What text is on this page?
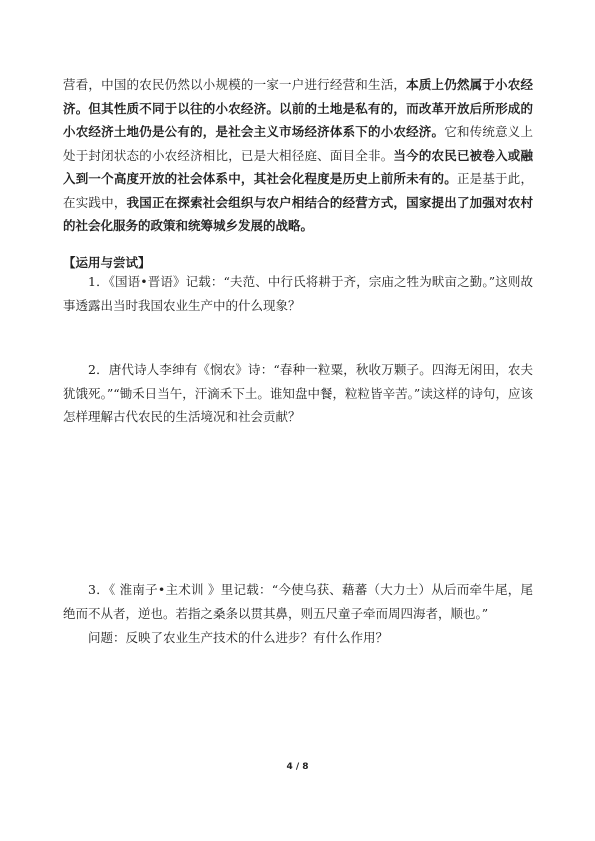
营看，中国的农民仍然以小规模的一家一户进行经营和生活，本质上仍然属于小农经济。但其性质不同于以往的小农经济。以前的土地是私有的，而改革开放后所形成的小农经济土地仍是公有的，是社会主义市场经济体系下的小农经济。它和传统意义上处于封闭状态的小农经济相比，已是大相径庭、面目全非。当今的农民已被卷入或融入到一个高度开放的社会体系中，其社会化程度是历史上前所未有的。正是基于此，在实践中，我国正在探索社会组织与农户相结合的经营方式，国家提出了加强对农村的社会化服务的政策和统筹城乡发展的战略。

【运用与尝试】

1．《国语•晋语》记载：“夫范、中行氏将耕于齐，宗庙之牲为畎亩之勤。”这则故事透露出当时我国农业生产中的什么现象？

2．唐代诗人李绅有《悯农》诗：“春种一粒粟，秋收万颗子。四海无闲田，农夫犹饿死。”“锄禾日当午，汗滴禾下土。谁知盘中餐，粒粒皆辛苦。”读这样的诗句，应该怎样理解古代农民的生活境况和社会贡献？

3．《 淮南子•主术训 》里记载：“今使乌获、藉蕃（大力士）从后而牵牛尾，尾绝而不从者，逆也。若指之桑条以贯其鼻，则五尺童子牵而周四海者，顺也。”

问题：反映了农业生产技术的什么进步？有什么作用？

4 / 8
